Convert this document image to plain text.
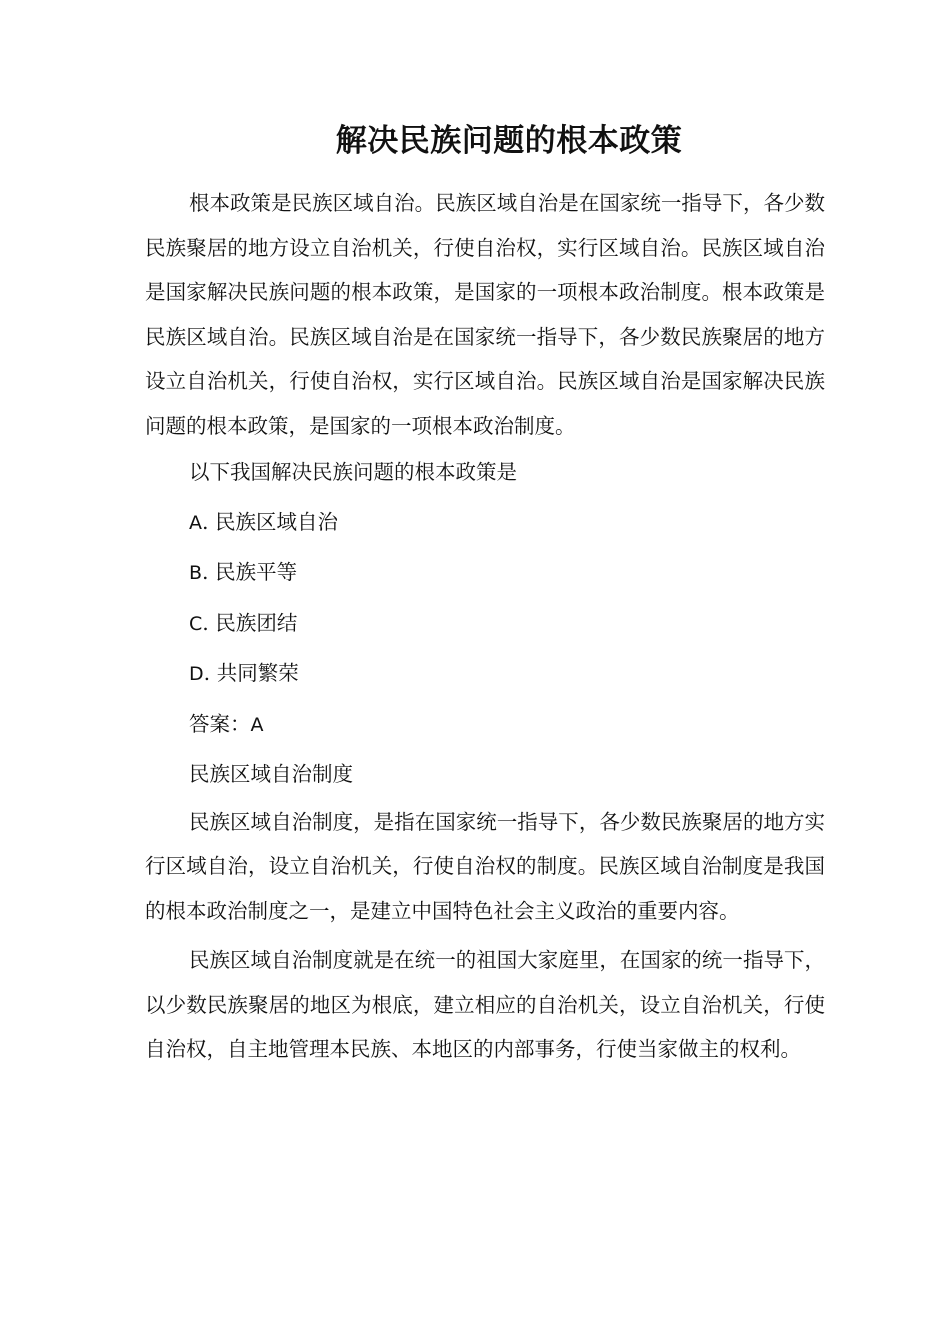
解决民族问题的根本政策

根本政策是民族区域自治。民族区域自治是在国家统一指导下，各少数民族聚居的地方设立自治机关，行使自治权，实行区域自治。民族区域自治是国家解决民族问题的根本政策，是国家的一项根本政治制度。根本政策是民族区域自治。民族区域自治是在国家统一指导下，各少数民族聚居的地方设立自治机关，行使自治权，实行区域自治。民族区域自治是国家解决民族问题的根本政策，是国家的一项根本政治制度。

以下我国解决民族问题的根本政策是

A. 民族区域自治

B. 民族平等

C. 民族团结

D. 共同繁荣

答案：A

民族区域自治制度

民族区域自治制度，是指在国家统一指导下，各少数民族聚居的地方实行区域自治，设立自治机关，行使自治权的制度。民族区域自治制度是我国的根本政治制度之一，是建立中国特色社会主义政治的重要内容。

民族区域自治制度就是在统一的祖国大家庭里，在国家的统一指导下，以少数民族聚居的地区为根底，建立相应的自治机关，设立自治机关，行使自治权，自主地管理本民族、本地区的内部事务，行使当家做主的权利。
